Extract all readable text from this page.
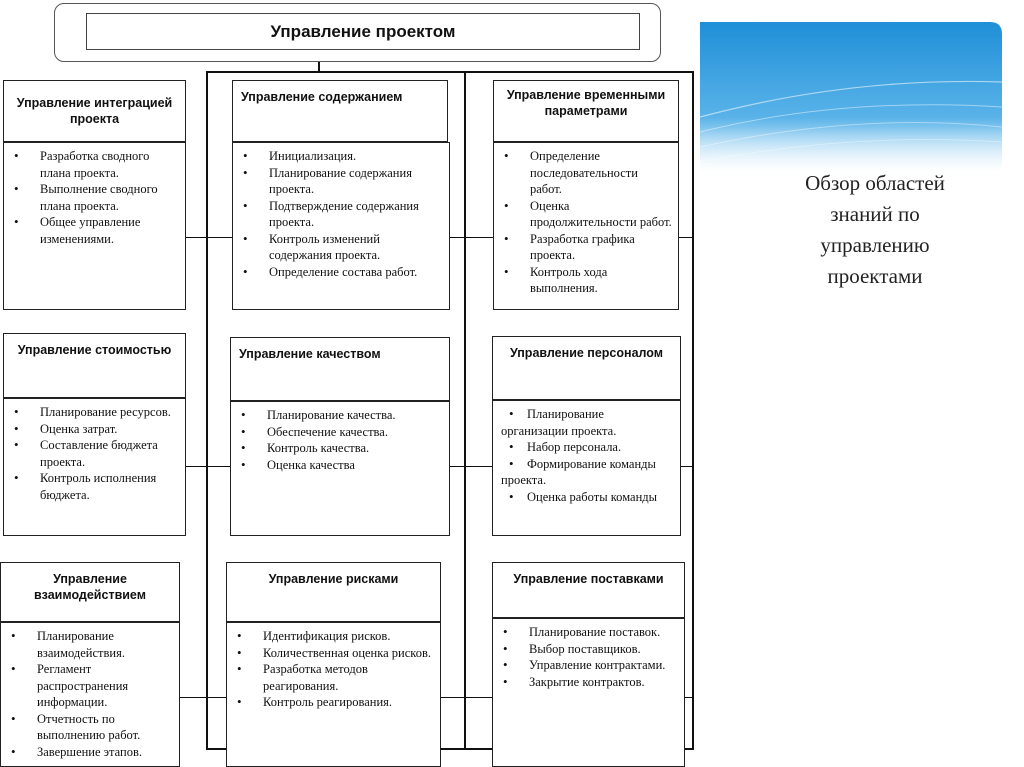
Обзор областей знаний по управлению проектами
Управление проектом
Управление интеграцией проекта
• Разработка сводного плана проекта.
• Выполнение сводного плана проекта.
• Общее управление изменениями.
Управление содержанием
• Инициализация.
• Планирование содержания проекта.
• Подтверждение содержания проекта.
• Контроль изменений содержания проекта.
• Определение состава работ.
Управление временными параметрами
• Определение последовательности работ.
• Оценка продолжительности работ.
• Разработка графика проекта.
• Контроль хода выполнения.
Управление стоимостью
• Планирование ресурсов.
• Оценка затрат.
• Составление бюджета проекта.
• Контроль исполнения бюджета.
Управление качеством
• Планирование качества.
• Обеспечение качества.
• Контроль качества.
• Оценка качества
Управление персоналом
• Планирование организации проекта.
• Набор персонала.
• Формирование команды проекта.
• Оценка работы команды
Управление взаимодействием
• Планирование взаимодействия.
• Регламент распространения информации.
• Отчетность по выполнению работ.
• Завершение этапов.
Управление рисками
• Идентификация рисков.
• Количественная оценка рисков.
• Разработка методов реагирования.
• Контроль реагирования.
Управление поставками
• Планирование поставок.
• Выбор поставщиков.
• Управление контрактами.
• Закрытие контрактов.
